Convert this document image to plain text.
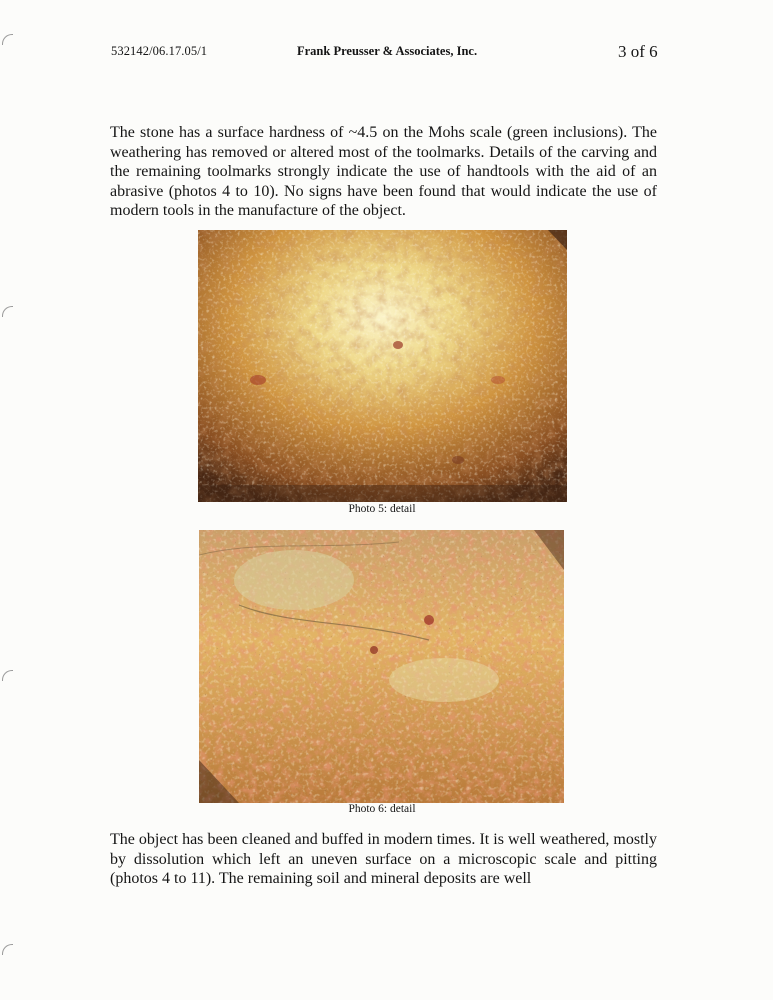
532142/06.17.05/1	Frank Preusser & Associates, Inc.	3 of 6
The stone has a surface hardness of ~4.5 on the Mohs scale (green inclusions). The weathering has removed or altered most of the toolmarks. Details of the carving and the remaining toolmarks strongly indicate the use of handtools with the aid of an abrasive (photos 4 to 10). No signs have been found that would indicate the use of modern tools in the manufacture of the object.
Photo 5: detail
Photo 6: detail
The object has been cleaned and buffed in modern times. It is well weathered, mostly by dissolution which left an uneven surface on a microscopic scale and pitting (photos 4 to 11). The remaining soil and mineral deposits are well
